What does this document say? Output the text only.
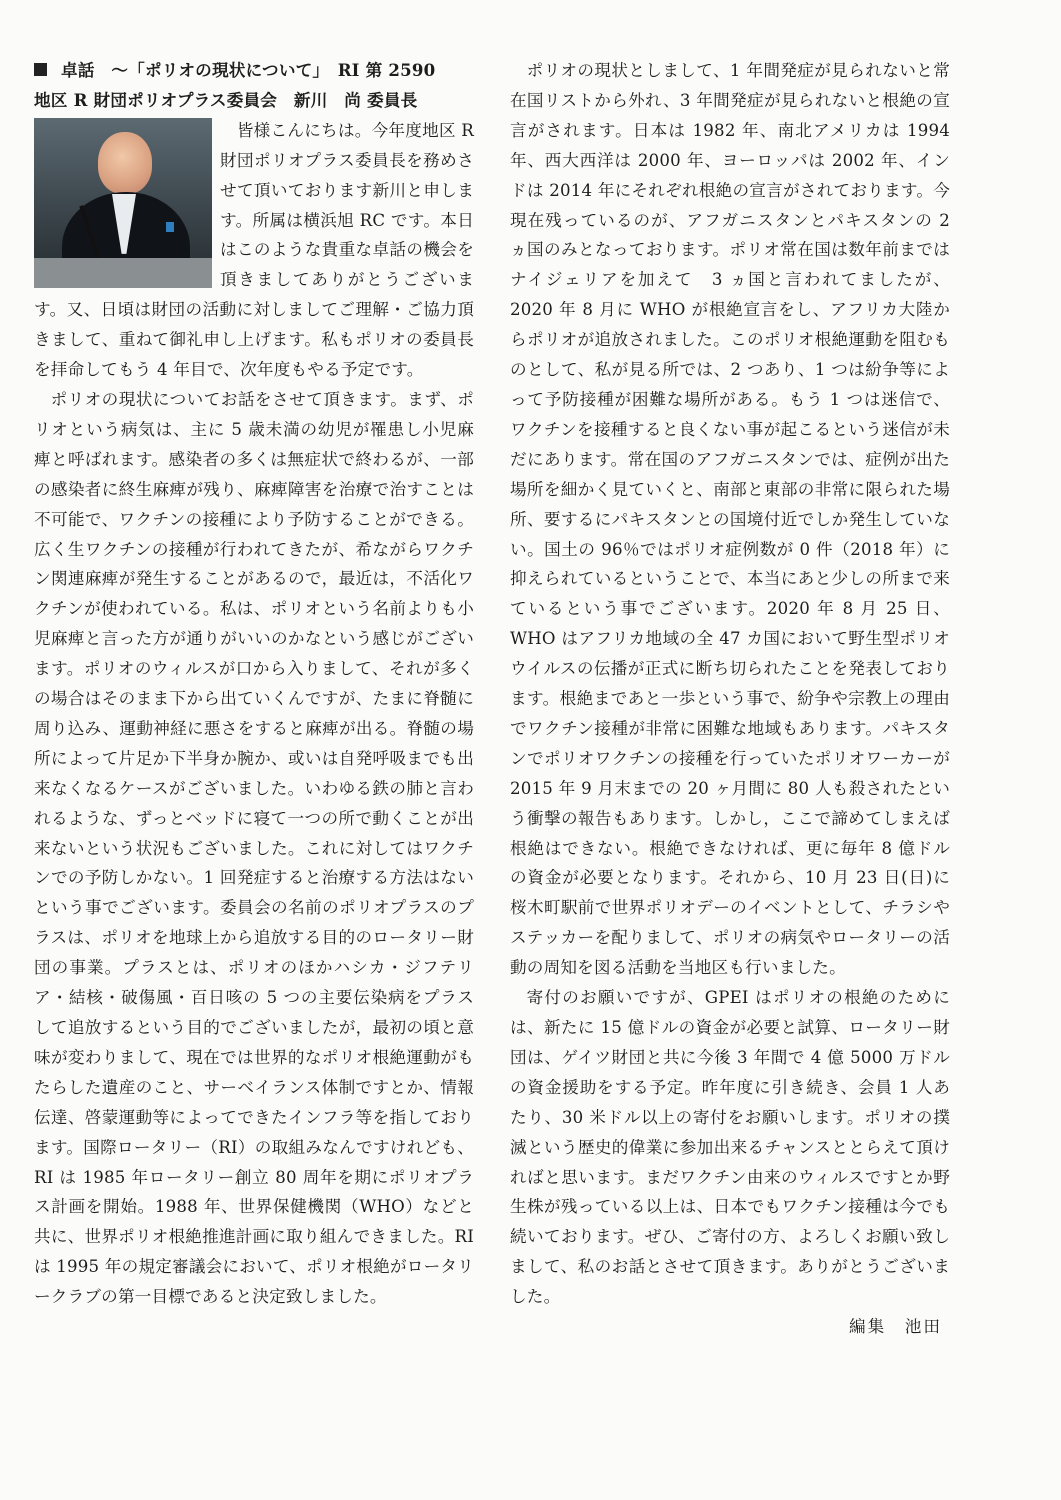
卓話　～「ポリオの現状について」　RI 第 2590

地区 R 財団ポリオプラス委員会　新川　尚 委員長

　皆様こんにちは。今年度地区 R 財団ポリオプラス委員長を務めさせて頂いております新川と申します。所属は横浜旭 RC です。本日はこのような貴重な卓話の機会を頂きましてありがとうございます。又、日頃は財団の活動に対しましてご理解・ご協力頂きまして、重ねて御礼申し上げます。私もポリオの委員長を拝命してもう 4 年目で、次年度もやる予定です。

ポリオの現状についてお話をさせて頂きます。まず、ポリオという病気は、主に 5 歳未満の幼児が罹患し小児麻痺と呼ばれます。感染者の多くは無症状で終わるが、一部の感染者に終生麻痺が残り、麻痺障害を治療で治すことは不可能で、ワクチンの接種により予防することができる。広く生ワクチンの接種が行われてきたが、希ながらワクチン関連麻痺が発生することがあるので，最近は，不活化ワクチンが使われている。私は、ポリオという名前よりも小児麻痺と言った方が通りがいいのかなという感じがございます。ポリオのウィルスが口から入りまして、それが多くの場合はそのまま下から出ていくんですが、たまに脊髄に周り込み、運動神経に悪さをすると麻痺が出る。脊髄の場所によって片足か下半身か腕か、或いは自発呼吸までも出来なくなるケースがございました。いわゆる鉄の肺と言われるような、ずっとベッドに寝て一つの所で動くことが出来ないという状況もございました。これに対してはワクチンでの予防しかない。1 回発症すると治療する方法はないという事でございます。委員会の名前のポリオプラスのプラスは、ポリオを地球上から追放する目的のロータリー財団の事業。プラスとは、ポリオのほかハシカ・ジフテリア・結核・破傷風・百日咳の 5 つの主要伝染病をプラスして追放するという目的でございましたが，最初の頃と意味が変わりまして、現在では世界的なポリオ根絶運動がもたらした遺産のこと、サーベイランス体制ですとか、情報伝達、啓蒙運動等によってできたインフラ等を指しております。国際ロータリー（RI）の取組みなんですけれども、RI は 1985 年ロータリー創立 80 周年を期にポリオプラス計画を開始。1988 年、世界保健機関（WHO）などと共に、世界ポリオ根絶推進計画に取り組んできました。RI は 1995 年の規定審議会において、ポリオ根絶がロータリークラブの第一目標であると決定致しました。

ポリオの現状としまして、1 年間発症が見られないと常在国リストから外れ、3 年間発症が見られないと根絶の宣言がされます。日本は 1982 年、南北アメリカは 1994 年、西大西洋は 2000 年、ヨーロッパは 2002 年、インドは 2014 年にそれぞれ根絶の宣言がされております。今現在残っているのが、アフガニスタンとパキスタンの 2 ヵ国のみとなっております。ポリオ常在国は数年前まではナイジェリアを加えて　3 ヵ国と言われてましたが、2020 年 8 月に WHO が根絶宣言をし、アフリカ大陸からポリオが追放されました。このポリオ根絶運動を阻むものとして、私が見る所では、2 つあり、1 つは紛争等によって予防接種が困難な場所がある。もう 1 つは迷信で、ワクチンを接種すると良くない事が起こるという迷信が未だにあります。常在国のアフガニスタンでは、症例が出た場所を細かく見ていくと、南部と東部の非常に限られた場所、要するにパキスタンとの国境付近でしか発生していない。国土の 96％ではポリオ症例数が 0 件（2018 年）に抑えられているということで、本当にあと少しの所まで来ているという事でございます。2020 年 8 月 25 日、WHO はアフリカ地域の全 47 カ国において野生型ポリオウイルスの伝播が正式に断ち切られたことを発表しております。根絶まであと一歩という事で、紛争や宗教上の理由でワクチン接種が非常に困難な地域もあります。パキスタンでポリオワクチンの接種を行っていたポリオワーカーが 2015 年 9 月末までの 20 ヶ月間に 80 人も殺されたという衝撃の報告もあります。しかし，ここで諦めてしまえば根絶はできない。根絶できなければ、更に毎年 8 億ドルの資金が必要となります。それから、10 月 23 日(日)に桜木町駅前で世界ポリオデーのイベントとして、チラシやステッカーを配りまして、ポリオの病気やロータリーの活動の周知を図る活動を当地区も行いました。

寄付のお願いですが、GPEI はポリオの根絶のためには、新たに 15 億ドルの資金が必要と試算、ロータリー財団は、ゲイツ財団と共に今後 3 年間で 4 億 5000 万ドルの資金援助をする予定。昨年度に引き続き、会員 1 人あたり、30 米ドル以上の寄付をお願いします。ポリオの撲滅という歴史的偉業に参加出来るチャンスととらえて頂ければと思います。まだワクチン由来のウィルスですとか野生株が残っている以上は、日本でもワクチン接種は今でも続いております。ぜひ、ご寄付の方、よろしくお願い致しまして、私のお話とさせて頂きます。ありがとうございました。

編集　池田
